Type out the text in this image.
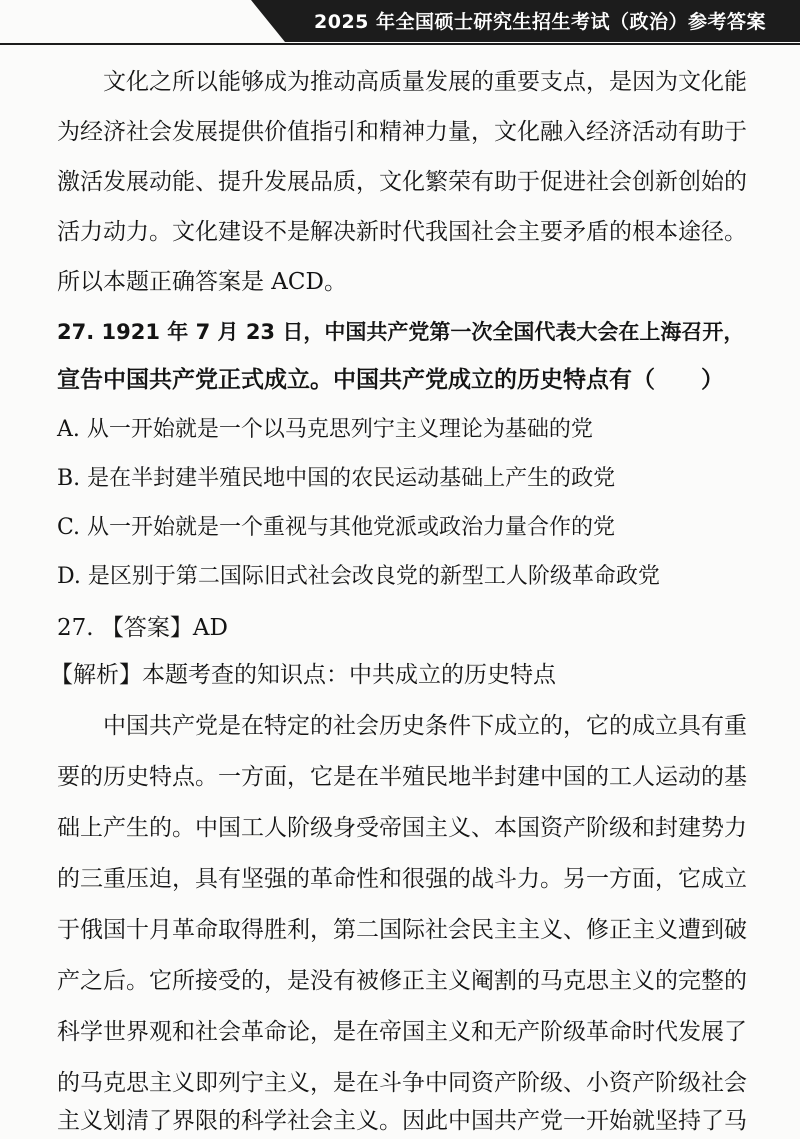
2025 年全国硕士研究生招生考试（政治）参考答案
文化之所以能够成为推动高质量发展的重要支点，是因为文化能
为经济社会发展提供价值指引和精神力量，文化融入经济活动有助于
激活发展动能、提升发展品质，文化繁荣有助于促进社会创新创始的
活力动力。文化建设不是解决新时代我国社会主要矛盾的根本途径。
所以本题正确答案是 ACD。
27. 1921 年 7 月 23 日，中国共产党第一次全国代表大会在上海召开，
宣告中国共产党正式成立。中国共产党成立的历史特点有（　　）
A. 从一开始就是一个以马克思列宁主义理论为基础的党
B. 是在半封建半殖民地中国的农民运动基础上产生的政党
C. 从一开始就是一个重视与其他党派或政治力量合作的党
D. 是区别于第二国际旧式社会改良党的新型工人阶级革命政党
27. 【答案】AD
【解析】本题考查的知识点：中共成立的历史特点
中国共产党是在特定的社会历史条件下成立的，它的成立具有重
要的历史特点。一方面，它是在半殖民地半封建中国的工人运动的基
础上产生的。中国工人阶级身受帝国主义、本国资产阶级和封建势力
的三重压迫，具有坚强的革命性和很强的战斗力。另一方面，它成立
于俄国十月革命取得胜利，第二国际社会民主主义、修正主义遭到破
产之后。它所接受的，是没有被修正主义阉割的马克思主义的完整的
科学世界观和社会革命论，是在帝国主义和无产阶级革命时代发展了
的马克思主义即列宁主义，是在斗争中同资产阶级、小资产阶级社会
主义划清了界限的科学社会主义。因此中国共产党一开始就坚持了马
